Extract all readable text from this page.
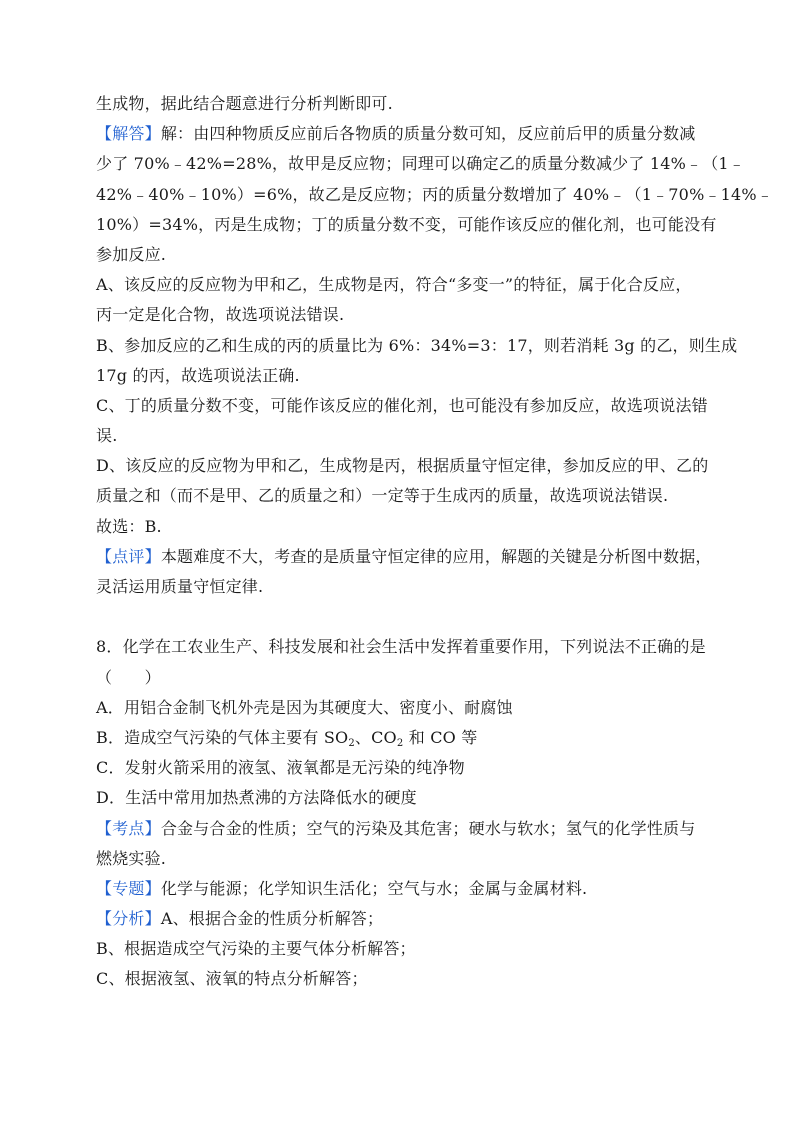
生成物，据此结合题意进行分析判断即可.
【解答】解：由四种物质反应前后各物质的质量分数可知，反应前后甲的质量分数减
少了 70%﹣42%=28%，故甲是反应物；同理可以确定乙的质量分数减少了 14%﹣（1﹣
42%﹣40%﹣10%）=6%，故乙是反应物；丙的质量分数增加了 40%﹣（1﹣70%﹣14%﹣
10%）=34%，丙是生成物；丁的质量分数不变，可能作该反应的催化剂，也可能没有
参加反应.
A、该反应的反应物为甲和乙，生成物是丙，符合“多变一”的特征，属于化合反应，
丙一定是化合物，故选项说法错误.
B、参加反应的乙和生成的丙的质量比为 6%：34%=3：17，则若消耗 3g 的乙，则生成
17g 的丙，故选项说法正确.
C、丁的质量分数不变，可能作该反应的催化剂，也可能没有参加反应，故选项说法错
误.
D、该反应的反应物为甲和乙，生成物是丙，根据质量守恒定律，参加反应的甲、乙的
质量之和（而不是甲、乙的质量之和）一定等于生成丙的质量，故选项说法错误.
故选：B.
【点评】本题难度不大，考查的是质量守恒定律的应用，解题的关键是分析图中数据，
灵活运用质量守恒定律.
8．化学在工农业生产、科技发展和社会生活中发挥着重要作用，下列说法不正确的是
（　　）
A．用铝合金制飞机外壳是因为其硬度大、密度小、耐腐蚀
B．造成空气污染的气体主要有 $SO_2$、$CO_2$ 和 CO 等
C．发射火箭采用的液氢、液氧都是无污染的纯净物
D．生活中常用加热煮沸的方法降低水的硬度
【考点】合金与合金的性质；空气的污染及其危害；硬水与软水；氢气的化学性质与
燃烧实验.
【专题】化学与能源；化学知识生活化；空气与水；金属与金属材料.
【分析】A、根据合金的性质分析解答；
B、根据造成空气污染的主要气体分析解答；
C、根据液氢、液氧的特点分析解答；
